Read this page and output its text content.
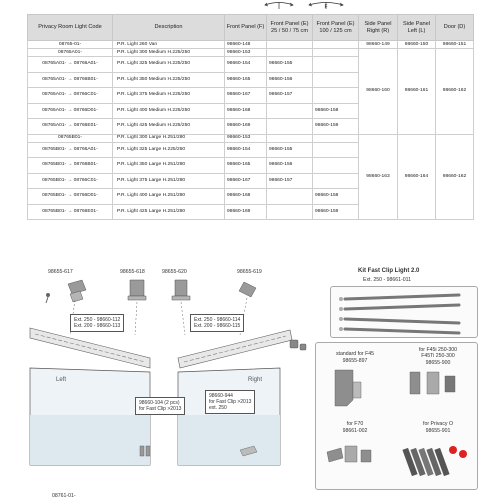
F
Privacy Room Light Code	Description	Front Panel (F)	Front Panel (E) 25 / 50 / 75 cm	Front Panel (E) 100 / 125 cm	Side Panel Right (R)	Side Panel Left (L)	Door (D)
08765-01-	P.R. Light 260 Van	98660-148			98660-149	98660-150	98660-151
08765A01-	P.R. Light 300 Medium H.225/250	98660-153			98660-160	98660-161	98660-162
08765A01- → 08766A01-	P.R. Light 325 Medium H.225/250	98660-154	98660-155				
08765A01- → 08766B01-	P.R. Light 350 Medium H.225/250	98660-165	98660-156				
08765A01- → 08766C01-	P.R. Light 375 Medium H.225/250	98660-167	98660-157				
08765A01- → 08766D01-	P.R. Light 400 Medium H.225/250	98660-168		98660-158			
08765A01- → 08766E01-	P.R. Light 425 Medium H.225/250	98660-169		98660-159			
08765B01-	P.R. Light 300 Large H.251/280	98660-153			98660-163	98660-164	98660-162
08765B01- → 08766A01-	P.R. Light 325 Large H.225/250	98660-154	98660-155				
08765B01- → 08766B01-	P.R. Light 350 Large H.251/280	98660-165	98660-156				
08765B01- → 08766C01-	P.R. Light 375 Large H.251/280	98660-167	98660-157				
08765B01- → 08766D01-	P.R. Light 400 Large H.251/280	98660-168		98660-158			
08765B01- → 08766E01-	P.R. Light 425 Large H.251/280	98660-169		98660-159			
98655-617	98655-618	98655-620	98655-619
Ext. 250 - 98660-112
Ext. 200 - 98660-113
Ext. 250 - 98660-114
Ext. 200 - 98660-115
98660-104 (2 pcs)
for Fast Clip >2013
98660-944
for Fast Clip >2013
ext. 250
Left	Right
Kit Fast Clip Light 2.0
Ext. 250 - 98661-011
standard for F45
98655-897
for F45i 250-300
F45Ti 250-300
98655-900
for F70
98661-002
for Privacy O
98655-901
08761-01-
